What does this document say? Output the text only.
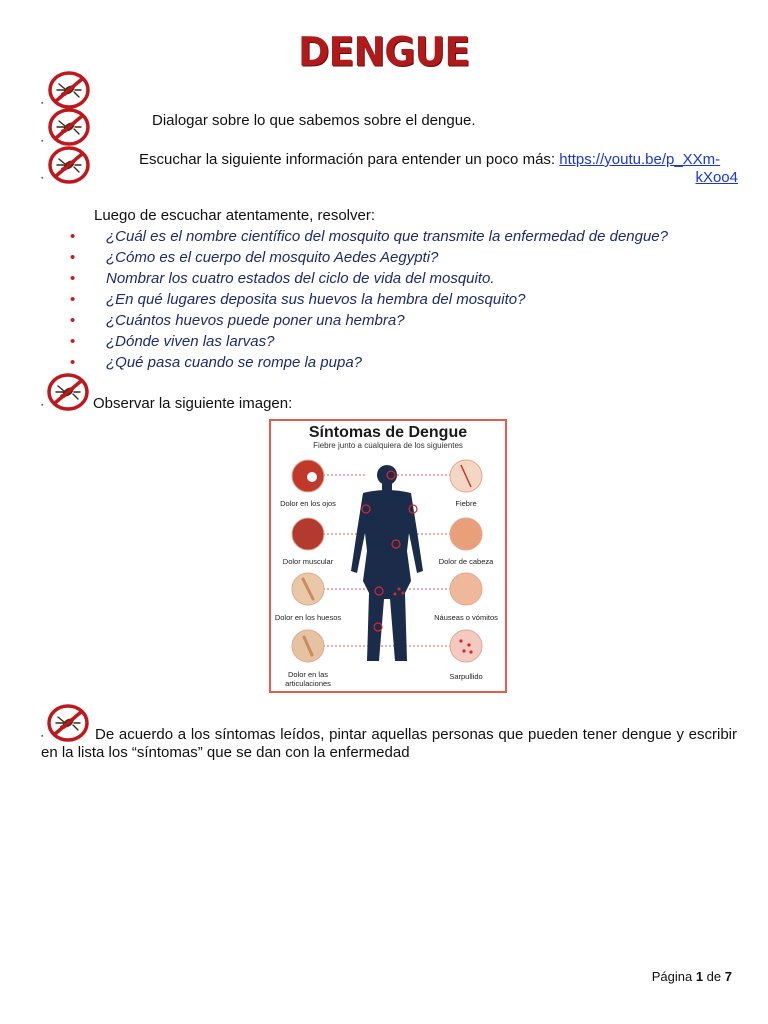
DENGUE
▪
▪
▪
Dialogar sobre lo que sabemos sobre el dengue.
Escuchar la siguiente información para entender un poco más: https://youtu.be/p_XXm-
kXoo4
Luego de escuchar atentamente, resolver:
• ¿Cuál es el nombre científico del mosquito que transmite la enfermedad de dengue?
• ¿Cómo es el cuerpo del mosquito Aedes Aegypti?
• Nombrar los cuatro estados del ciclo de vida del mosquito.
• ¿En qué lugares deposita sus huevos la hembra del mosquito?
• ¿Cuántos huevos puede poner una hembra?
• ¿Dónde viven las larvas?
• ¿Qué pasa cuando se rompe la pupa?
▪	Observar la siguiente imagen:
Síntomas de Dengue
Fiebre junto a cualquiera de los siguientes
Dolor en los ojos
Dolor muscular
Dolor en los huesos
Dolor en las articulaciones
Fiebre
Dolor de cabeza
Náuseas o vómitos
Sarpullido
▪	De acuerdo a los síntomas leídos, pintar aquellas personas que pueden tener dengue y escribir en la lista los “síntomas” que se dan con la enfermedad
Página 1 de 7
